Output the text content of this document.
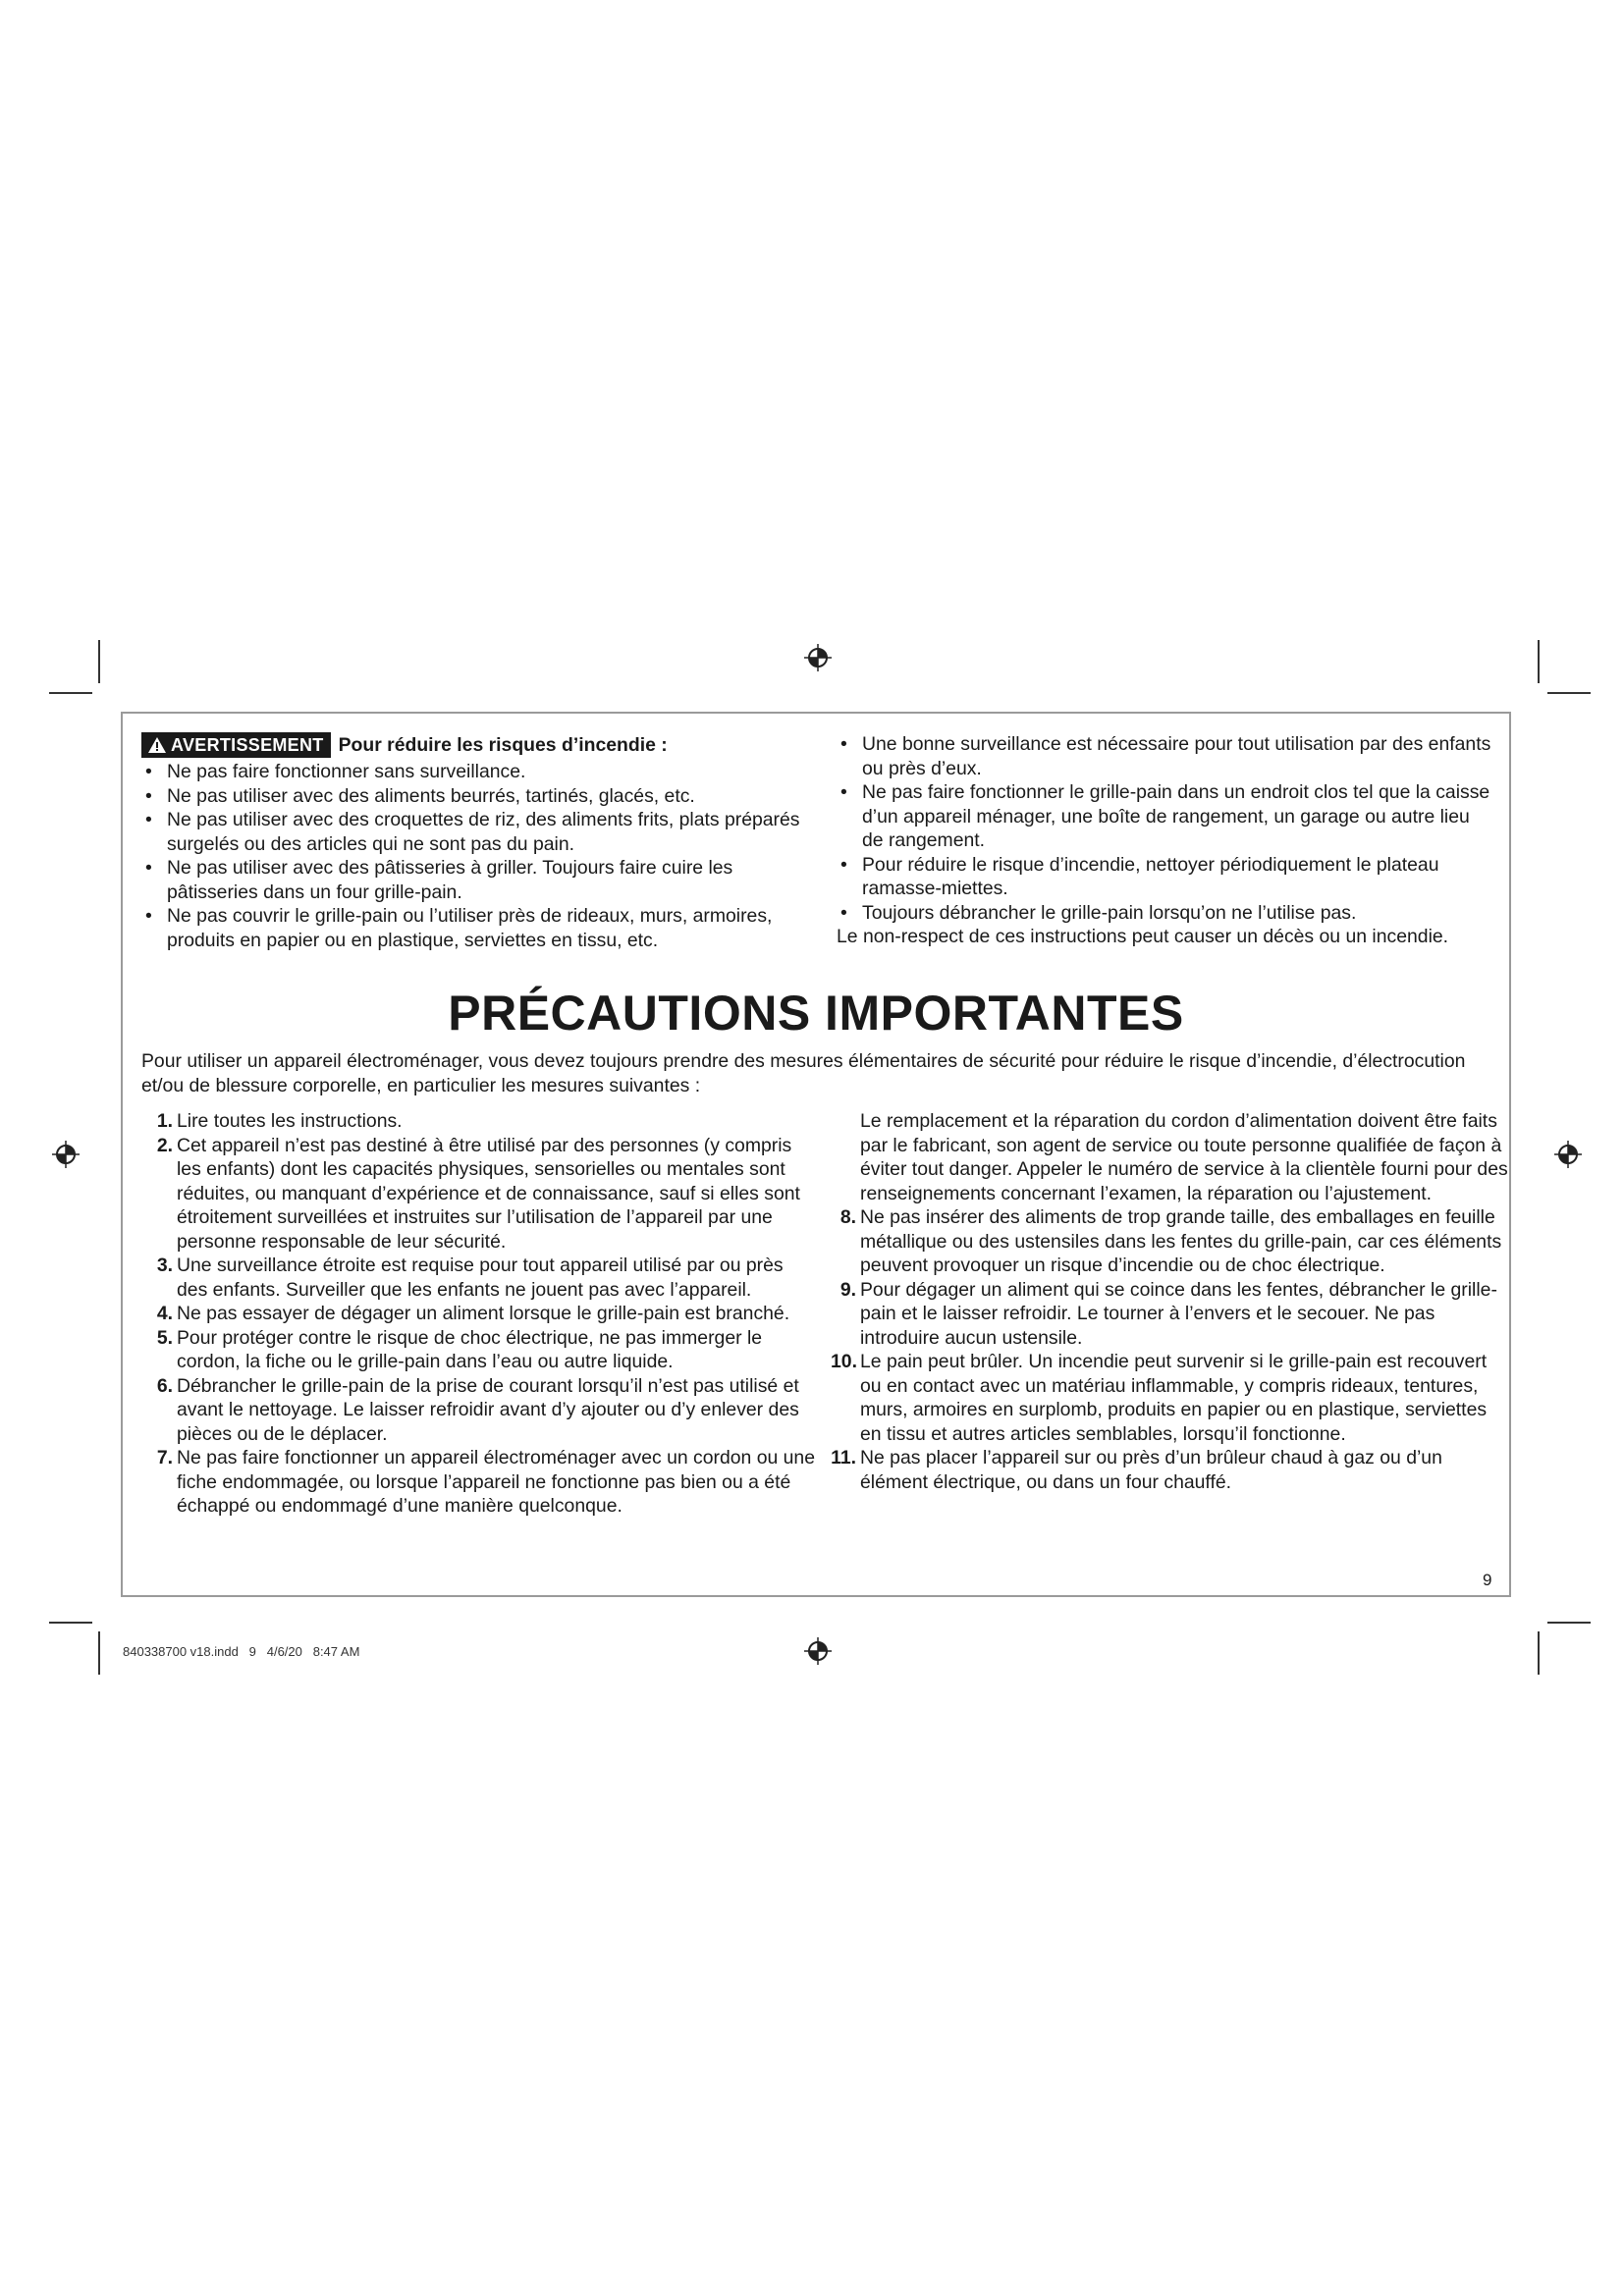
AVERTISSEMENT Pour réduire les risques d’incendie :
• Ne pas faire fonctionner sans surveillance.
• Ne pas utiliser avec des aliments beurrés, tartinés, glacés, etc.
• Ne pas utiliser avec des croquettes de riz, des aliments frits, plats préparés surgelés ou des articles qui ne sont pas du pain.
• Ne pas utiliser avec des pâtisseries à griller. Toujours faire cuire les pâtisseries dans un four grille-pain.
• Ne pas couvrir le grille-pain ou l’utiliser près de rideaux, murs, armoires, produits en papier ou en plastique, serviettes en tissu, etc.
• Une bonne surveillance est nécessaire pour tout utilisation par des enfants ou près d’eux.
• Ne pas faire fonctionner le grille-pain dans un endroit clos tel que la caisse d’un appareil ménager, une boîte de rangement, un garage ou autre lieu de rangement.
• Pour réduire le risque d’incendie, nettoyer périodiquement le plateau ramasse-miettes.
• Toujours débrancher le grille-pain lorsqu’on ne l’utilise pas.
Le non-respect de ces instructions peut causer un décès ou un incendie.
PRÉCAUTIONS IMPORTANTES
Pour utiliser un appareil électroménager, vous devez toujours prendre des mesures élémentaires de sécurité pour réduire le risque d’incendie, d’électrocution et/ou de blessure corporelle, en particulier les mesures suivantes :
1. Lire toutes les instructions.
2. Cet appareil n’est pas destiné à être utilisé par des personnes (y compris les enfants) dont les capacités physiques, sensorielles ou mentales sont réduites, ou manquant d’expérience et de connaissance, sauf si elles sont étroitement surveillées et instruites sur l’utilisation de l’appareil par une personne responsable de leur sécurité.
3. Une surveillance étroite est requise pour tout appareil utilisé par ou près des enfants. Surveiller que les enfants ne jouent pas avec l’appareil.
4. Ne pas essayer de dégager un aliment lorsque le grille-pain est branché.
5. Pour protéger contre le risque de choc électrique, ne pas immerger le cordon, la fiche ou le grille-pain dans l’eau ou autre liquide.
6. Débrancher le grille-pain de la prise de courant lorsqu’il n’est pas utilisé et avant le nettoyage. Le laisser refroidir avant d’y ajouter ou d’y enlever des pièces ou de le déplacer.
7. Ne pas faire fonctionner un appareil électroménager avec un cordon ou une fiche endommagée, ou lorsque l’appareil ne fonctionne pas bien ou a été échappé ou endommagé d’une manière quelconque.
Le remplacement et la réparation du cordon d’alimentation doivent être faits par le fabricant, son agent de service ou toute personne qualifiée de façon à éviter tout danger. Appeler le numéro de service à la clientèle fourni pour des renseignements concernant l’examen, la réparation ou l’ajustement.
8. Ne pas insérer des aliments de trop grande taille, des emballages en feuille métallique ou des ustensiles dans les fentes du grille-pain, car ces éléments peuvent provoquer un risque d’incendie ou de choc électrique.
9. Pour dégager un aliment qui se coince dans les fentes, débrancher le grille-pain et le laisser refroidir. Le tourner à l’envers et le secouer. Ne pas introduire aucun ustensile.
10. Le pain peut brûler. Un incendie peut survenir si le grille-pain est recouvert ou en contact avec un matériau inflammable, y compris rideaux, tentures, murs, armoires en surplomb, produits en papier ou en plastique, serviettes en tissu et autres articles semblables, lorsqu’il fonctionne.
11. Ne pas placer l’appareil sur ou près d’un brûleur chaud à gaz ou d’un élément électrique, ou dans un four chauffé.
9
840338700 v18.indd   9   4/6/20   8:47 AM
